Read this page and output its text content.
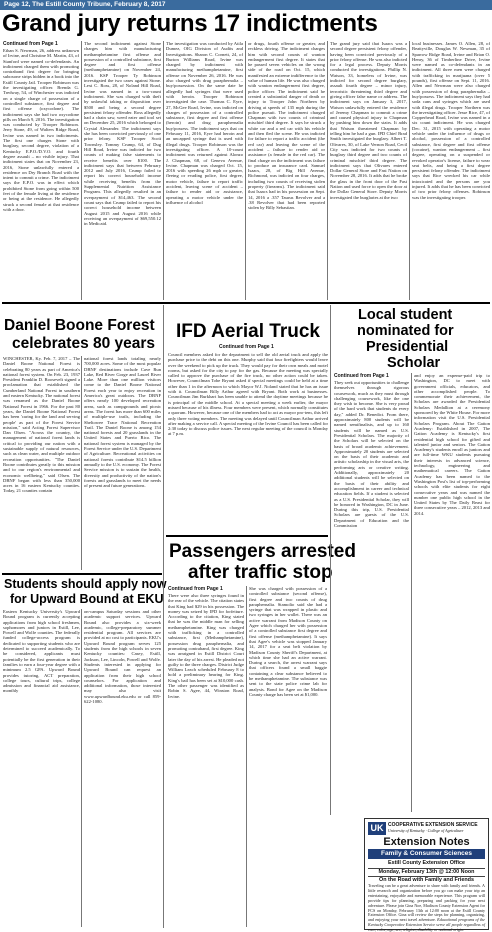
Page 12, The Estill County Tribune, February 8, 2017
Grand jury returns 17 indictments
Continued from Page 1
Ethan S. Newman, 26, address unknown of Irvine, and Christine M. Martin, 43, of Stanford were named co-defendants. An indictment charged them with promoting contraband first degree for bringing suboxone strips hidden in a book into the Estill County Jail. Trooper Robinson was the investigating officer. Brenda G. Tredway, 54, of Winchester was indicted on a single charge of possession of a controlled substance, first degree and first offense (oxycodone). The indictment says she had two oxycodone pills on March 9, 2016. The investigation was conducted by Trooper Robinson. Jerry Stone, 49, of Walters Ridge Road, Irvine was named in two indictments. The first one charges Stone with burglary, second degree, violation of a Kentucky E.P.O./D.V.O. and fourth degree assault – no visible injury. That indictment states that on November 23, 2016, Stone unlawfully entered a residence on Dry Branch Road with the intent to commit a crime. The indictment says the E.P.O. was in effect which prohibited Stone from going within 500 feet of the female living at the residence or being at the residence. He allegedly struck a second female at that residence with a door.
The second indictment against Stone charges him with manufacturing methamphetamine first offense and possession of a controlled substance, first degree and first offense (methamphetamine) on November 24, 2016. KSP Trooper Ty Robinson investigated the two cases against Stone. Lexi C. Ross, 28, of Noland Hill Road, Irvine was named in a two-count indictment. She was charged with theft by unlawful taking or disposition over $500 and being a second degree persistent felony offender. Ross allegedly had a chain saw, weed eater and tool set on December 25, 2016 which belonged to Crystal Alexander. The indictment says she has been convicted previously of one prior felony. KSP Trooper Scott Townsley. Tommy Crump, 64, of Dug Hill Road, Irvine was indicted for two counts of making false statements to receive benefits over $100. The indictment says that between February 2012 and July 2016, Crump failed to report his correct household income while receiving benefits from the Supplemental Nutrition Assistance Program. This allegedly resulted in an overpayment of $14,463. The second count says that Crump failed to report his correct household income between August 2015 and August 2016 while receiving an overpayment of $69,550.12 in Medicaid.
The investigation was conducted by Atila Dumez, OIG Division of Audits and Investigations. Sharon C. Cornett, 24, of Burton Williams Road, Irvine was charged by indictment with manufacturing methamphetamine, first offense on November 26, 2016. He was also charged with drug paraphernalia – buy/possession. On the same date he allegedly had syringes that were used with heroin. Trooper Robinson investigated the case. Thomas C. Eyre, 27, McGee Road, Irvine, was indicted on charges of possession of a controlled substance, first degree and first offense (heroin) and drug paraphernalia buy/possess. The indictment says that on February 11, 2016, Eyre had heroin and an uncapped syringe that is used with illegal drugs. Trooper Robinson was the investigating officer. A 10-count indictment was returned against Alonzo J. Chapman, 68, of Geneva Avenue, Irvine. Chapman was charged Oct. 15, 2016 with speeding 26 mph or greater, fleeing or evading police, first degree, motor vehicle, failure to report traffic accident, leaving scene of accident – failure to render aid or assistance, operating a motor vehicle under the influence of alcohol
or drugs, fourth offense or greater, and reckless driving. The indictment charges him with second counts of wanton endangerment first degree. It states that he passed seven vehicles on the wrong side of the road on Oct. 15, which manifested an extreme indifference to the value of human life. He was also charged with wanton endangerment first degree, police officer. The indictment said he created a substantial danger of death or injury to Trooper John Northern by driving at speeds of 135 mph during the police pursuit. The indictment charged Chapman with two counts of criminal mischief third degree. It says he struck a white car and a red car with his vehicle and then fled the scene. He was indicted for failure to report a traffic accident (the red car) and leaving the scene of the accident – failure to render aid or assistance (a female in the red car). The final charge on the indictment was failure to produce an insurance card. Samuel Isaacs, 28, of Big Hill Avenue, Richmond, was indicted on four charges, including two counts of receiving stolen property (firearms). The indictment said that Isaacs had in his possession on Sept. 14, 2016 a .357 Taurus Revolver and a .38 Revolver that had been reported stolen by Billy Sebastian.
The grand jury said that Isaacs was a second degree persistent felony offender, having been convicted previously of a prior felony offense. He was also indicted for a legal process. Deputy Morris conducted the investigations. Phillip N. Watson, 33, homeless of Irvine, was indicted for second degree burglary, assault fourth degree – minor injury, terroristic threatening third degree and giving officer false name or address. The indictment says on January 3, 2017, Watson unlawfully entered the residence of Jeremy Chapman to commit a crime and caused physical injury to Chapman by pushing him down the stairs. It adds that Watson threatened Chapman by telling him he had a gun. IPD Chief Brad Smith investigated the burglary. Albert T. Olivares, 30, of Lake Vernon Road, Cecil City was indicted for two counts of burglary third degree and two counts of criminal mischief third degree. The indictment says that Olivares entered Dollar General Store and Fast Nation on November 28, 2016. It adds that he broke the glass in the front door of the Fast Nation and used force to open the door at the Dollar General Store. Deputy Morris investigated the burglaries at the two
local businesses. James O. Allen, 28, of Beattyville, Douglas W. Newman, 35 of Sparrow Ridge Road, Irvine and Brian O. Henry, 36 of Timberline Drive, Irvine were named as co-defendants in an indictment. All three men were charged with trafficking in marijuana (over 5 pounds), first offense on Sept. 11, 2016. Allen and Newman were also charged with possession of drug paraphernalia – buy/possess. The indictment says they had soda cans and syringes which are used with illegal drugs. Trooper Northern was the investigating officer. Jesse Rice, 47, of Copperhead Road, Irvine was named in a six count indictment. He was charged Dec. 31, 2015 with operating a motor vehicle under the influence of drugs or alcohol, possession of a controlled substance, first degree and first offense (cocaine), wanton endangerment – first degree, operating on a suspended or revoked operator's license, failure to wear seat belts, and being a first degree persistent felony offender. The indictment says that Rice wrecked his car while intoxicated and the persons are you injured. It adds that he has been convicted of two prior felony offenses. Robinson was the investigating trooper.
Daniel Boone Forest
celebrates 80 years
WINCHESTER, Ky. Feb. 7, 2017 – The Daniel Boone National Forest is celebrating 80 years as part of America's national forest system. On Feb. 23, 1937 President Franklin D. Roosevelt signed a proclamation that established the Cumberland National Forest in southern and eastern Kentucky. The national forest was renamed as the Daniel Boone National Forest in 1966. For the past 80 years, the Daniel Boone National Forest has been 'caring for the land and serving people' as part of the Forest Service mission," said Acting Forest Supervisor Dan Olsen. "Across the country, the management of national forest lands is critical to providing our nation with a sustainable supply of natural resources, such as clean water, and multiple outdoor recreation opportunities. "The Daniel Boone contributes greatly to this mission and to our region's environmental and economic wellbeing," said Olsen. The DBNF began with less than 350,000 acres in 16 eastern Kentucky counties. Today, 21 counties contain
national forest lands totaling nearly 700,000 acres. Some of the most popular DBNF destinations include Cave Run Lake, Red River Gorge and Laurel River Lake. More than one million visitors come to the Daniel Boone National Forest each year to enjoy recreation in America's great outdoors. The DBNF offers nearly 100 developed recreation areas, such as campgrounds and picnic areas. The forest has more than 600 miles of multiple-use trails, including the Sheltowee Trace National Recreation Trail. The Daniel Boone is among 154 national forests and 20 grasslands in the United States and Puerto Rico. The national forest system is managed by the Forest Service under the U.S. Department of Agriculture. Recreational activities on national forests contribute $14.5 billion annually to the U.S. economy. The Forest Service mission is to sustain the health, diversity and productivity of the nation's forests and grasslands to meet the needs of present and future generations.
Students should apply now
for Upward Bound at EKU
Eastern Kentucky University's Upward Bound program is currently accepting applications from high school freshmen, sophomores and juniors in Estill, Lee, Powell and Wolfe counties. The federally funded college-access program is dedicated to supporting students who are determined to succeed academically. To be considered, applicants must potentially be the first generation in their families to earn a four-year degree with a minimum 2.5 GPA. Upward Bound provides tutoring, ACT preparation, college tours, cultural trips, college admission and financial aid assistance, monthly
on-campus Saturday sessions and other academic support services. Upward Bound also provides a six-week academic, college-preparatory summer residential program. All services are provided at no cost to participants. EKU's Upward Bound program serves 125 students from the high schools in seven Kentucky counties: Casey, Estill, Jackson, Lee, Lincoln, Powell and Wolfe. Students interested in applying for Upward Bound can request an application from their high school counselors. For application and additional information, those interested may also visit www.upwardbound.eku.edu or call 859-622-1080.
IFD Aerial Truck
Continued from Page 1
Council members asked for the department to sell the old aerial truck and apply the purchase price to the debt on this one. Murphy said that four firefighters would leave over the weekend to pick up the truck. They would pay for their own meals and motel rooms, but asked for the city to pay for the gas. Because the meeting was specially called to approve the purchase of the fire truck, no other action could be taken. However, Councilman Tobe Bryant asked if special meetings could be held at a time other than 1 in the afternoon to which Mayor W.J. Noland stated that he has an issue with it. Councilman Billy Arthur agreed with Bryant. Both work at businesses. Councilman Jim Burkhart has been unable to attend the daytime meetings because he is principal of the middle school. At a special meeting a week earlier, the mayor missed because of his illness. Four members were present, which normally constitutes a quorum. However, because one of the members had to act as mayor pro-tem, this left only three voting members. The meeting was delayed until Councilman Arthur arrived after making a service call. A special meeting of the Irvine Council has been called for 2:30 today to discuss police issues. The next regular meeting of the council is Monday at 7 p.m.
Passengers arrested
after traffic stop
Continued from Page 1
There were also three syringes found in the rear of the vehicle. The citation states that King had $29 in his possession. The money was seized by IPD for forfeiture. According to the citation, King stated that he was the middle man for selling methamphetamine. King was charged with trafficking in a controlled substance, first (Methamphetamine), possession drug paraphernalia, and promoting contraband, first degree. King was arraigned in Estill District Court later the day of his arrest. He pleaded not guilty to the three charges. District Judge William Leach scheduled February 8 to hold a preliminary hearing for King. King's bail has been set at $10,000 cash. The other passenger was identified as Robin S. Agee, 44, Winston Road, Irvine.
She was charged with possession of a controlled substance (second offense), first degree and two counts of drug paraphernalia. Stamolio said she had a syringe that was wrapped in plastic and two syringes in her wallet. There was an active warrant from Madison County on Agee which charged her with possession of a controlled substance first degree and first offense (methamphetamine). It says that Agee's vehicle was stopped January 14, 2017 for a seat belt violation by Madison County Sheriff's Department, at which time she had an active warrant. During a search, the arrest warrant says that officers found a small baggie containing a clear substance believed to be methamphetamine. The substance was sent to the state police crime lab for analysis. Bond for Agee on the Madison County charge has been set at $1,000.
Local student
nominated for
Presidential
Scholar
Continued from Page 1
They seek out opportunities to challenge themselves through rigorous coursework, much as they must through challenging coursework, like the one they wish to become. She is very proud of the hard work that students do every day," added Dr. Benedict. From there, approximately 800 students will be named semifinalists, and up to 160 students will be named as U.S. Presidential Scholars. The majority of the Scholars will be selected on the basis of broad academic achievement. Approximately 20 students are selected on the basis of their academic and artistic scholarship in the visual arts, the performing arts or creative writing. Additionally, approximately 20 additional students will be selected on the basis of their ability and accomplishment in career and technical education fields. If a student is selected as a U.S. Presidential Scholar, they will be honored in Washington, DC in June. During this trip, U.S. Presidential Scholars are guests of the U.S. Department of Education and the Commission
and enjoy an expense-paid trip to Washington, DC to meet with government officials, educators, and other accomplished people. To commemorate their achievement, the Scholars are awarded the Presidential Scholars Medallion at a ceremony sponsored by the White House. For more information visit the U.S. Presidential Scholars Program. About The Gatton Academy: Established in 2007, The Gatton Academy is Kentucky's first residential high school for gifted and talented junior and seniors. The Gatton Academy's students enroll as juniors and are full-time WKU students pursuing their interests in advanced science, technology, engineering and mathematical careers. The Gatton Academy has been named to the Washington Post's list of top-performing schools with elite students for eight consecutive years and was named the number one public high school in the United States by The Daily Beast for three consecutive years – 2012, 2013 and 2014.
UK COOPERATIVE EXTENSION SERVICE
University of Kentucky · College of Agriculture
Extension Notes
Family & Consumer Sciences
Estill County Extension Office
Monday, February 13th @ 12:00 Noon
On the Road with Family and Friends
Traveling can be a great adventure to share with family and friends. A little research and organization before you go can make your trip an entertaining, enjoyable and memorable experience. This program will provide tips for planning, preparing and packing for your next adventure. Please join Gina Noe, Madison County Extension Agent for FCS on Monday, February 13th at 12:00 noon at the Estill County Extension Office. Gina will review the steps for planning, organizing, and enjoying your next travel adventure. Educational programs of the Kentucky Cooperative Extension Service serve all people regardless of race, color, age, sex, religion, disability or national origin.
